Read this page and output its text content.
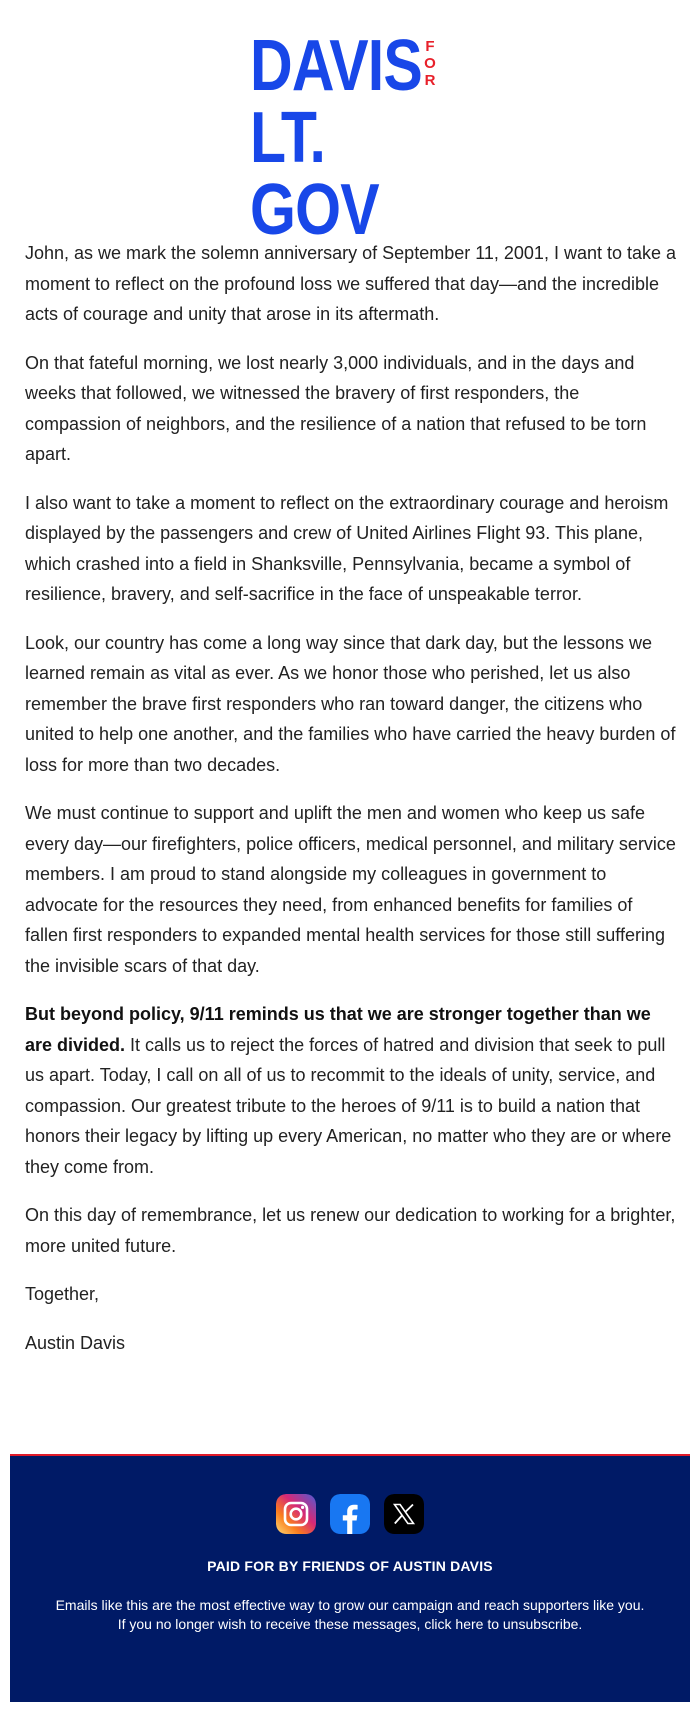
DAVIS F
O
R
LT. GOV

John, as we mark the solemn anniversary of September 11, 2001, I want to take a moment to reflect on the profound loss we suffered that day—and the incredible acts of courage and unity that arose in its aftermath.

On that fateful morning, we lost nearly 3,000 individuals, and in the days and weeks that followed, we witnessed the bravery of first responders, the compassion of neighbors, and the resilience of a nation that refused to be torn apart.

I also want to take a moment to reflect on the extraordinary courage and heroism displayed by the passengers and crew of United Airlines Flight 93. This plane, which crashed into a field in Shanksville, Pennsylvania, became a symbol of resilience, bravery, and self-sacrifice in the face of unspeakable terror.

Look, our country has come a long way since that dark day, but the lessons we learned remain as vital as ever. As we honor those who perished, let us also remember the brave first responders who ran toward danger, the citizens who united to help one another, and the families who have carried the heavy burden of loss for more than two decades.

We must continue to support and uplift the men and women who keep us safe every day—our firefighters, police officers, medical personnel, and military service members. I am proud to stand alongside my colleagues in government to advocate for the resources they need, from enhanced benefits for families of fallen first responders to expanded mental health services for those still suffering the invisible scars of that day.

But beyond policy, 9/11 reminds us that we are stronger together than we are divided. It calls us to reject the forces of hatred and division that seek to pull us apart. Today, I call on all of us to recommit to the ideals of unity, service, and compassion. Our greatest tribute to the heroes of 9/11 is to build a nation that honors their legacy by lifting up every American, no matter who they are or where they come from.

On this day of remembrance, let us renew our dedication to working for a brighter, more united future.

Together,

Austin Davis

PAID FOR BY FRIENDS OF AUSTIN DAVIS
Emails like this are the most effective way to grow our campaign and reach supporters like you. If you no longer wish to receive these messages, click here to unsubscribe.
